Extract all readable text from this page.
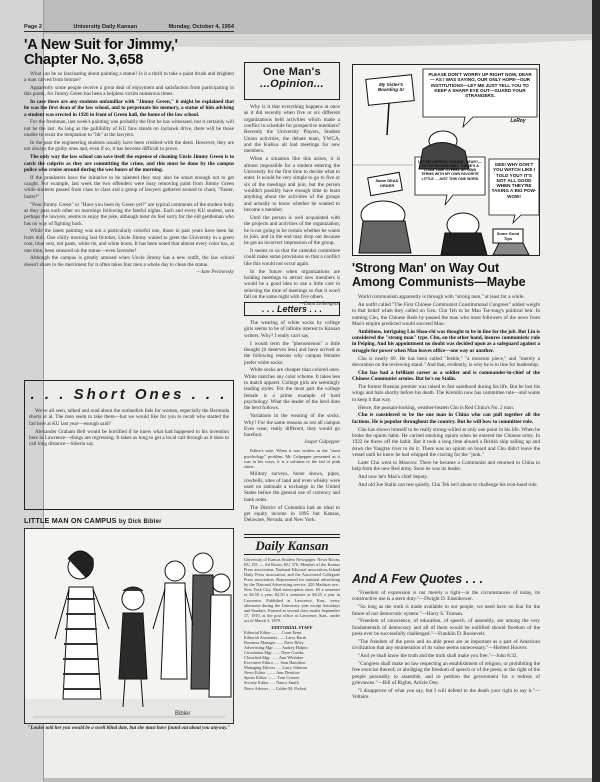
Page 2	University Daily Kansan	Monday, October 4, 1954
'A New Suit for Jimmy,' Chapter No. 3,658

What can be so fascinating about painting a statue? Is it a thrill to take a paint brush and brighten a man carved from bronze?

Apparently some people receive a great deal of enjoyment and satisfaction from participating in this prank, for Jimmy Green has been a helpless victim numerous times.

In case there are any students unfamiliar with "Jimmy Green," it might be explained that he was the first dean of the law school, and to perpetuate his memory, a statue of him advising a student was erected in 1926 in front of Green hall, the home of the law school.

For the freshman, last week's painting was probably the first he has witnessed, but it certainly will not be the last. As long as the gullibility of KU fans stands on Jayhawk drive, there will be those unable to resist the temptation to "hit" at the lawyers.

In the past the engineering students usually have been credited with the deed. However, they are not always the guilty ones and, even if so, it has become difficult to prove.

The only way the law school can save itself the expense of cleaning Uncle Jimmy Green is to catch the culprits as they are committing the crime, and this must be done by the campus police who cruise around during the wee hours of the morning.

If the pranksters have the initiative to be talented they may also be smart enough not to get caught. For example, last week the two offenders were busy removing paint from Jimmy Green while students passed from class to class and a group of lawyers gathered around to chant, "Faster, faster!"

"Poor Jimmy Green" or "Have you been by Green yet?" are typical comments of the student body as they pass each other on mornings following the fateful nights. Each and every KU student, save perhaps the lawyers, seems to enjoy the joke, although most do feel sorry for the old gentleman who has no way of fighting back.

While the latest painting was not a particularly colorful one, those in past years have been far from dull. One chilly morning last October, Uncle Jimmy waited to greet the University in a green coat, blue vest, red pants, white tie, and white boots. It has been noted that almost every color has, at one time, been smeared on the statue—even lavender!

Although the campus is greatly amused when Uncle Jimmy has a new outfit, the law school doesn't share in the merriment for it often takes four men a whole day to clean the statue.

—Jane Pecinovsky
. . . Short Ones . . .

We've all seen, talked and read about the outlandish fads for women, especially the Bermuda shorts et al. The men seem to take them—but we would like for you to recall who started the fad here at KU last year—enough said?

Alexander Graham Bell would be horrified if he knew what had happened to his invention here in Lawrence—things are regressing. It takes as long to get a local call through as it does to call long distance—Siberia say.

LITTLE MAN ON CAMPUS by Dick Bibler
Bibler
"Louise told her you would be a swell blind date, but she must have found out about you anyway."
One Man's
...Opinion...

Why is it that everything happens at once as it did recently when five or six different organizations held activities which made a conflict in schedule for prospective members? Recently the University Players, Student Union activities, the debate team, YWCA, and the KuKus all had meetings for new members.

When a situation like this arises, it is almost impossible for a student entering the University for the first time to decide what to enter. It would be very simple to go to five or six of the meetings and join, but the person wouldn't possibly have enough time to learn anything about the activities of the groups and actually to know whether he wanted to become a member.

Until the person is well acquainted with the projects and activities of the organization, he is not going to be certain whether he wants to join, and in the end may drop out because he got an incorrect impression of the group.

It seems to us that the calendar committee could make some provisions so that a conflict like this would not occur again.

In the future when organizations are holding meetings to attract new members it would be a good idea to use a little care in selecting the time of meetings so that it won't fall on the same night with five others.

—Dana Leibengood
. . . Letters . . .

The wearing of white socks by college girls seems to be of infinite interest to Kansan writers. Why? I really can't say.

I would term the "phenomenon" a little thought (it deserves less) and have arrived at the following reasons why campus females prefer white socks:

White socks are cheaper than colored ones. White matches any color scheme. It takes less to match apparel. College girls are seemingly leading styles. For the most part the college female is a prime example of hard psychology. What the leader of the herd does the herd follows.

Variations in the wearing of the socks. Why? For the same reasons as not all campus Eves wear, really different, they would go barefoot.

Jasper Culpepper

Editor's note: When it was written as the "most psychology" problem, Mr. Culpepper presented as it was in his ways, it is a solution to the fad of pink shirts.

Military surveys, horse shows, pipes, cowbells, sites of land and even whisky were used on rationale a exchange in the United States before the general use of currency and bank notes.

The District of Columbia had an ideal to get equity income in 1895 but Kansas, Delaware, Nevada, and New York.

Daily Kansan
University of Kansas Student Newspaper. News Room, KU 251 — Ad Room, KU 376. Member of the Kansas Press association, National Editorial association, Inland Daily Press association, and the Associated Collegiate Press association. Represented for national advertising by the National Advertising service, 420 Madison ave., New York City. Mail subscription rates: $3 a semester or $4.50 a year; $2.50 a semester or $4.25 a year in Lawrence. Published at Lawrence, Kan., every afternoon during the University year except Saturdays and Sundays. Entered as second class matter September 17, 1910, at the post office at Lawrence, Kan., under act of March 3, 1879.
EDITORIAL STAFF
Editorial Editor ........ Court Ernst
Editorial Assistants ...... Larry Barth
Business Manager ...... Dave Riley
Advertising Mgr. ...... Audrey Halpin
Circulation Mgr. ...... Dave Combs
Classified Mgr. ...... Ann Whitaker
Executive Editor ..... Stan Hamilton
Managing Editors ..... Larry Johnson
News Editor ........ Ann Denslow
Sports Editor ........ Tom Cramer
Society Editor ..... Nancy Smith
News Adviser ..... Calder M. Pickett
My Sister's Boarding Sr
PLEASE DON'T WORRY UP RIGHT NOW, DEAR — AS I WAS SAYING, OUR ONLY HOPE—OUR INSTITUTIONS—LET ME JUST TELL YOU TO KEEP A SHARP EYE OUT—GUARD YOUR STRANGERS.
LET ME HAPPEN, PLEASE, DEAR?—AS I'VE HAVING SAID, THERE'S A LONG TIME TO FEEL MY OWN TERMS WITH MY OWN FAVORITE LITTLE ... JUST THIS ONE WORD
GEE! WHY DON'T YOU WATCH LIKE I TOLD YOU? IT'S NOT ALL GOOD WHEN THEY'RE TAKING A BIG POW-WOW!
Same DEAD ORDER
Some Good Tips
LeRoy
'Strong Man' on Way Out Among Communists—Maybe

World communism apparently is through with "strong men," at least for a while.

An outfit called "The First Chinese Communist Constitutional Congress" added weight to that belief when they called on Gen. Chu Teh to be Mao Tse-tung's political heir. In naming Chu, the Chinese Reds by-passed the man who most followers of the news from Mao's empire predicted would succeed Mao.

Ambitious, intriguing Liu Shao-chi was thought to be in line for the job. But Liu is considered the "strong man" type. Chu, on the other hand, insures communistic rule in Peiping. And his appointment no doubt was decided upon as a safeguard against a struggle for power when Mao leaves office—one way or another.

Chu is nearly 69. He has been called "feeble," "a museum piece," and "merely a decoration on the reviewing stand." And that, evidently, is why he is in line for leadership.

Chu has had a brilliant career as a soldier and is commander-in-chief of the Chinese Communist armies. But he's no Stalin.

The former Russian premier was raised to fast sainthood during his life. But he lost his wings and halo shortly before his death. The Kremlin now has committee rule—and wants to keep it that way.

Hence, the peasant-looking, weather-beaten Chu is Red China's No. 2 man.

Chu is considered to be the one man in China who can pull together all the factions. He is popular throughout the country. But he will bow to committee rule.

Chu has shown himself to be really strong-willed at only one point in his life. When he broke the opium habit. He carried smoking opium when he entered the Chinese army. In 1922 he threw off the habit. But it took a long time aboard a British ship sailing up and down the Yangtze river to do it. There was no opium on board and Chu didn't leave the vessel until he knew he had whipped the craving for the "junk."

Later Chu went to Moscow. There he became a Communist and returned to China to help form the new Red army. Soon he was its leader.

And now he's Mao's chief deputy.

And old Joe Stalin can rest quietly. Chu Teh isn't about to challenge his iron-hand rule.

And A Few Quotes . . .

"Freedom of expression is not merely a right—in the circumstances of today, its constructive use is a stern duty."—Dwight D. Eisenhower.

"So long as the truth is made available to our people, we need have no fear for the future of our democratic system."—Harry S. Truman.

"Freedom of conscience, of education, of speech, of assembly, are among the very fundamentals of democracy and all of them would be nullified should freedom of the press ever be successfully challenged."—Franklin D. Roosevelt.

"The freedom of the press and an able press are as important as a part of American civilization that any enumeration of its value seems unnecessary."—Herbert Hoover.

"And ye shall know the truth and the truth shall make you free."—John 8:32.

"Congress shall make no law respecting an establishment of religion, or prohibiting the free exercise thereof; or abridging the freedom of speech or of the press; or the right of the people peaceably to assemble, and to petition the government for a redress of grievances."—Bill of Rights, Article One.

"I disapprove of what you say, but I will defend to the death your right to say it."—Voltaire.
